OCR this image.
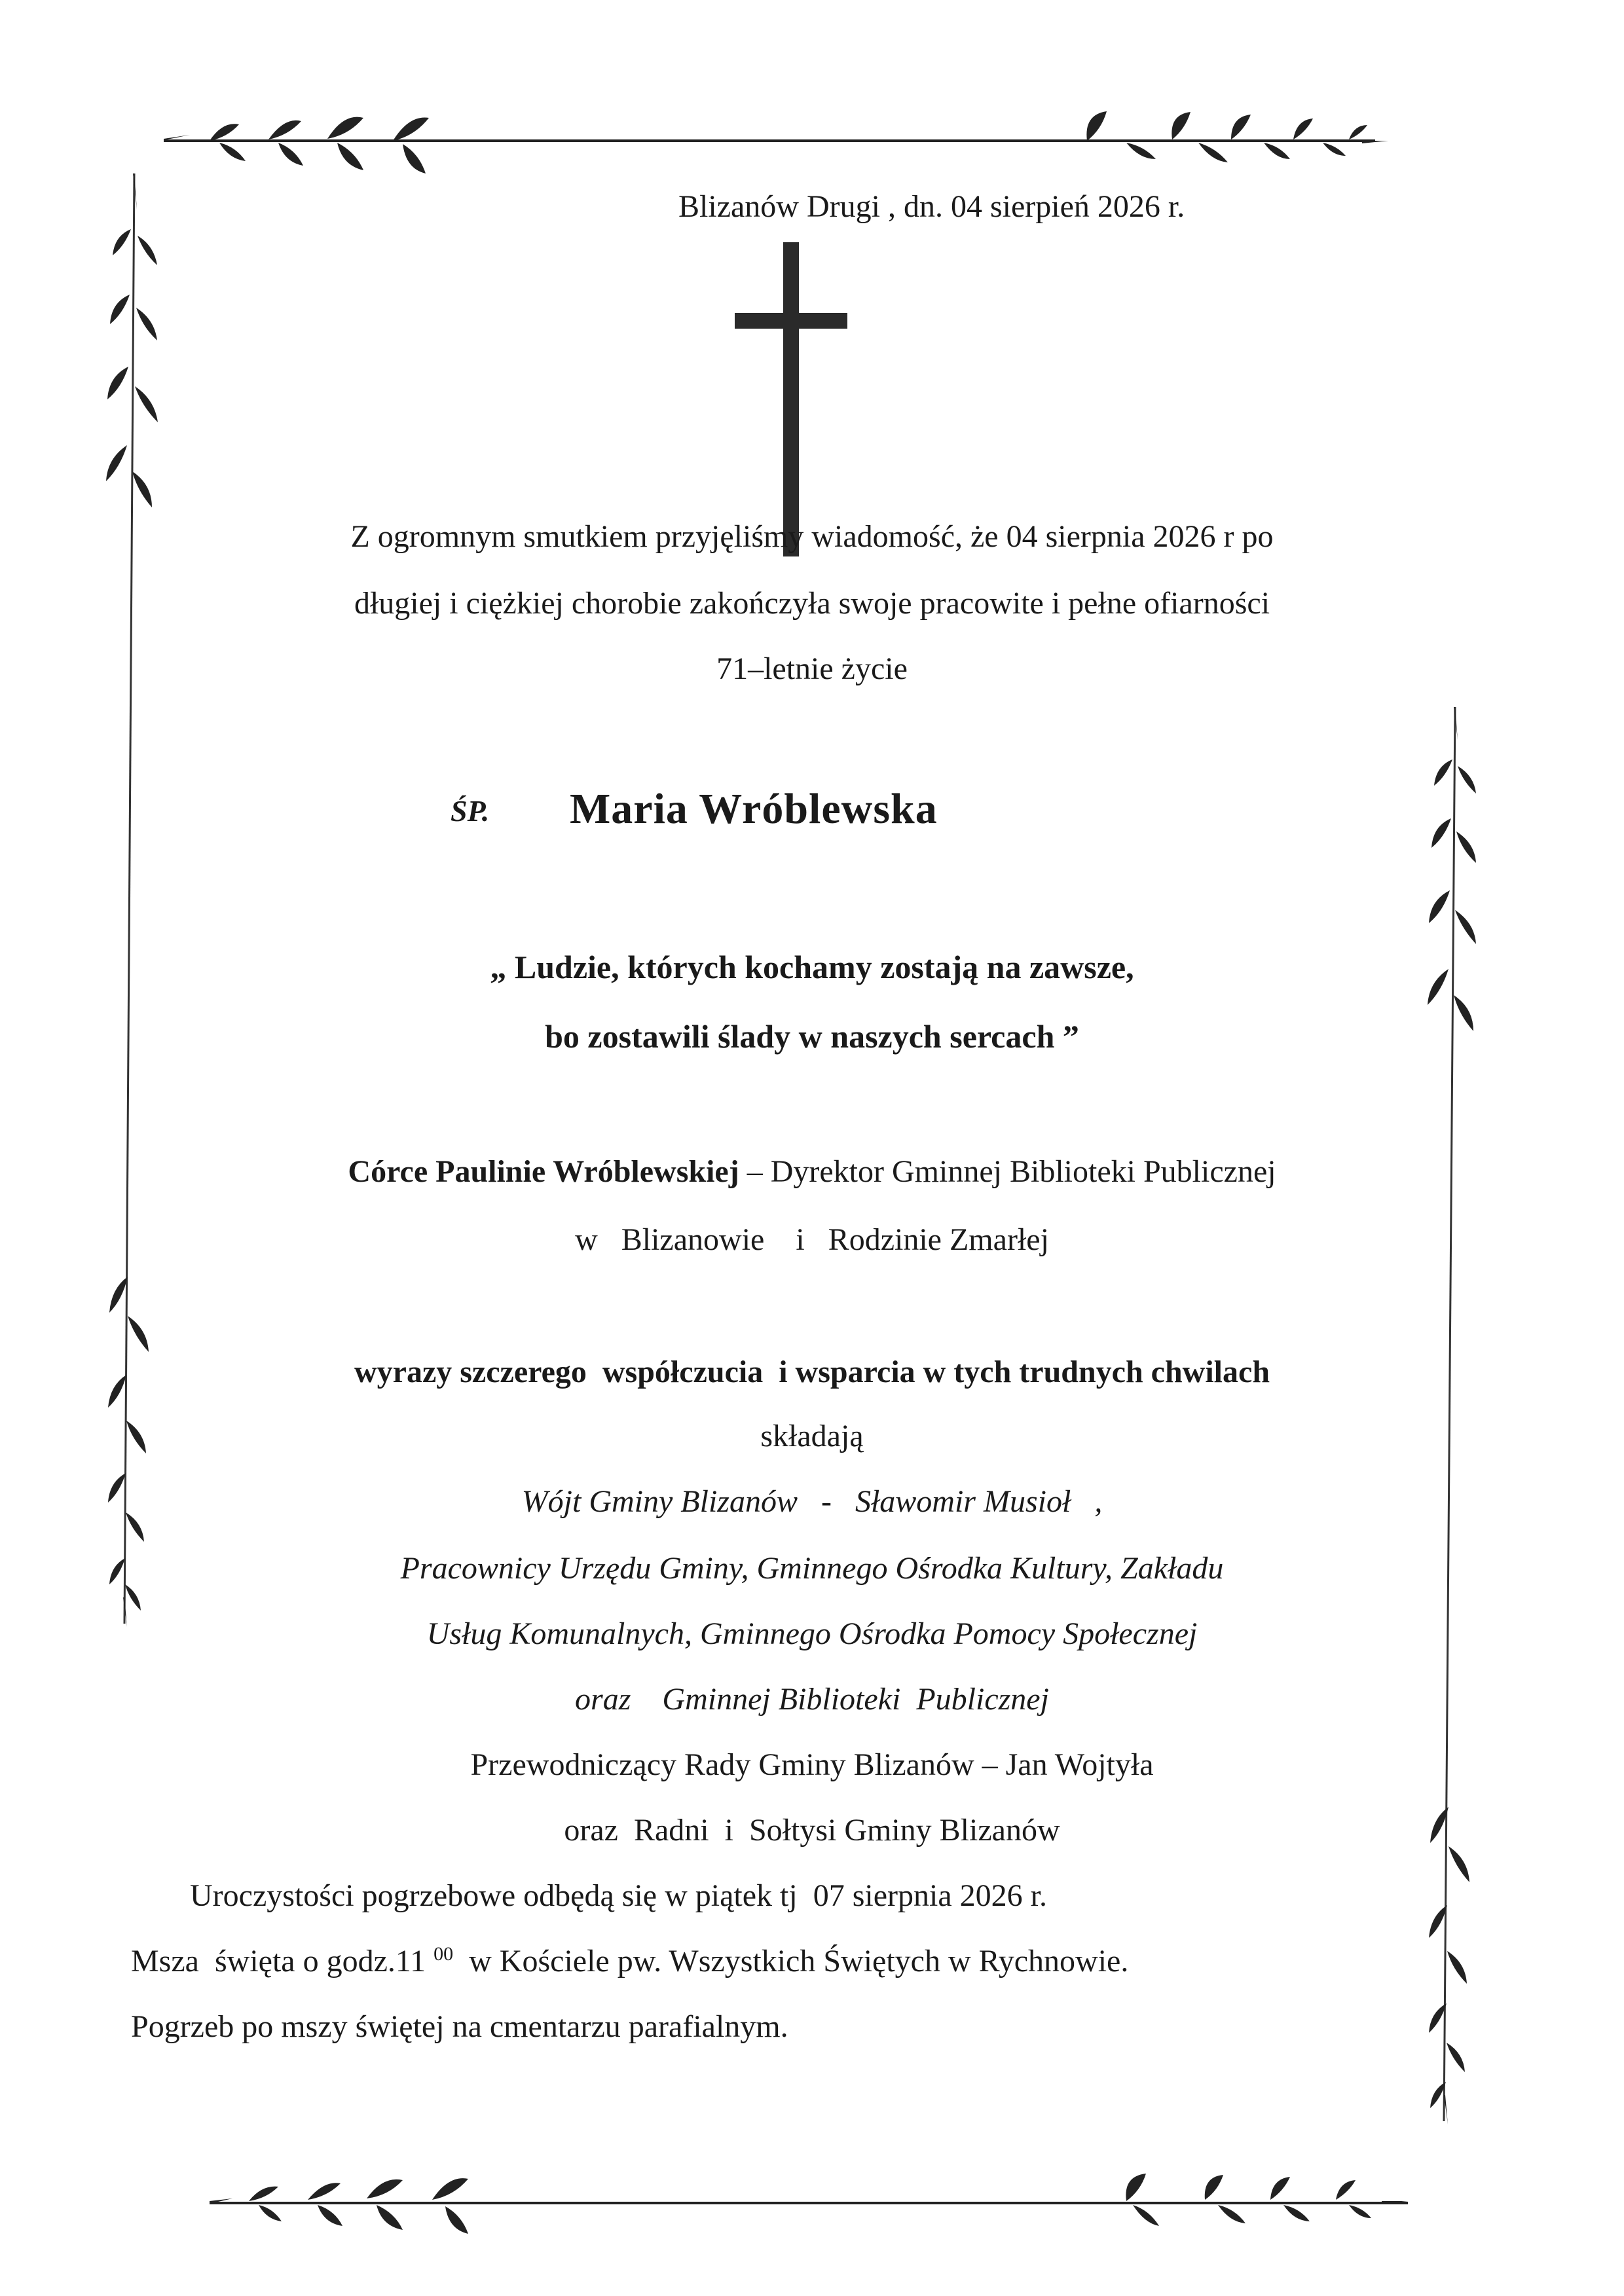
Blizanów Drugi , dn. 04 sierpień 2026 r.

Z ogromnym smutkiem przyjęliśmy wiadomość, że 04 sierpnia 2026 r po

długiej i ciężkiej chorobie zakończyła swoje pracowite i pełne ofiarności

71–letnie życie

ŚP. Maria Wróblewska

„ Ludzie, których kochamy zostają na zawsze,

bo zostawili ślady w naszych sercach ”

Córce Paulinie Wróblewskiej – Dyrektor Gminnej Biblioteki Publicznej

w   Blizanowie    i   Rodzinie Zmarłej

wyrazy szczerego  współczucia  i wsparcia w tych trudnych chwilach

składają

Wójt Gminy Blizanów   -   Sławomir Musioł   ,

Pracownicy Urzędu Gminy, Gminnego Ośrodka Kultury, Zakładu

Usług Komunalnych, Gminnego Ośrodka Pomocy Społecznej

oraz    Gminnej Biblioteki  Publicznej

Przewodniczący Rady Gminy Blizanów – Jan Wojtyła

oraz  Radni  i  Sołtysi Gminy Blizanów

Uroczystości pogrzebowe odbędą się w piątek tj  07 sierpnia 2026 r.

Msza  święta o godz.11 $^{00}$  w Kościele pw. Wszystkich Świętych w Rychnowie.

Pogrzeb po mszy świętej na cmentarzu parafialnym.
